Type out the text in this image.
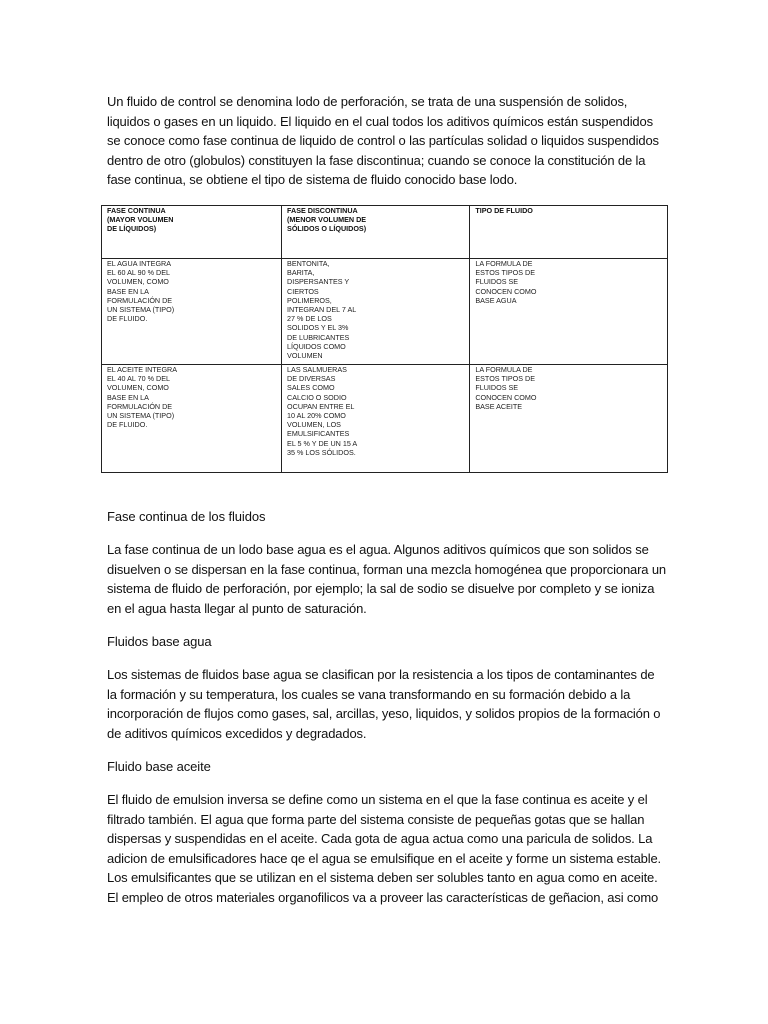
Un fluido de control se denomina lodo de perforación, se trata de una suspensión de solidos, liquidos o gases en un liquido. El liquido en el cual todos los aditivos químicos están suspendidos se conoce como fase continua de liquido de control o las partículas solidad o liquidos suspendidos dentro de otro (globulos) constituyen la fase discontinua; cuando se conoce la constitución de la fase continua, se obtiene el tipo de sistema de fluido conocido base lodo.

FASE CONTINUA (MAYOR VOLUMEN DE LÍQUIDOS)	FASE DISCONTINUA (MENOR VOLUMEN DE SÓLIDOS O LÍQUIDOS)	TIPO DE FLUIDO

EL AGUA INTEGRA EL 60 AL 90 % DEL VOLUMEN, COMO BASE EN LA FORMULACIÓN DE UN SISTEMA (TIPO) DE FLUIDO.	BENTONITA, BARITA, DISPERSANTES Y CIERTOS POLIMEROS, INTEGRAN DEL 7 AL 27 % DE LOS SOLIDOS Y EL 3% DE LUBRICANTES LÍQUIDOS COMO VOLUMEN	LA FORMULA DE ESTOS TIPOS DE FLUIDOS SE CONOCEN COMO BASE AGUA

EL ACEITE INTEGRA EL 40 AL 70 % DEL VOLUMEN, COMO BASE EN LA FORMULACIÓN DE UN SISTEMA (TIPO) DE FLUIDO.	LAS SALMUERAS DE DIVERSAS SALES COMO CALCIO O SODIO OCUPAN ENTRE EL 10 AL 20% COMO VOLUMEN, LOS EMULSIFICANTES EL 5 % Y DE UN 15 A 35 % LOS SÓLIDOS.	LA FORMULA DE ESTOS TIPOS DE FLUIDOS SE CONOCEN COMO BASE ACEITE
Fase continua de los fluidos

La fase continua de un lodo base agua es el agua. Algunos aditivos químicos que son solidos se disuelven o se dispersan en la fase continua, forman una mezcla homogénea que proporcionara un sistema de fluido de perforación, por ejemplo; la sal de sodio se disuelve por completo y se ioniza en el agua hasta llegar al punto de saturación.

Fluidos base agua

Los sistemas de fluidos base agua se clasifican por la resistencia a los tipos de contaminantes de la formación y su temperatura, los cuales se vana transformando en su formación debido a la incorporación de flujos como gases, sal, arcillas, yeso, liquidos, y solidos propios de la formación o de aditivos químicos excedidos y degradados.

Fluido base aceite

El fluido de emulsion inversa se define como un sistema en el que la fase continua es aceite y el filtrado también. El agua que forma parte del sistema consiste de pequeñas gotas que se hallan dispersas y suspendidas en el aceite. Cada gota de agua actua como una paricula de solidos. La adicion de emulsificadores hace qe el agua se emulsifique en el aceite y forme un sistema estable. Los emulsificantes que se utilizan en el sistema deben ser solubles tanto en agua como en aceite. El empleo de otros materiales organofilicos va a proveer las características de geñacion, asi como
